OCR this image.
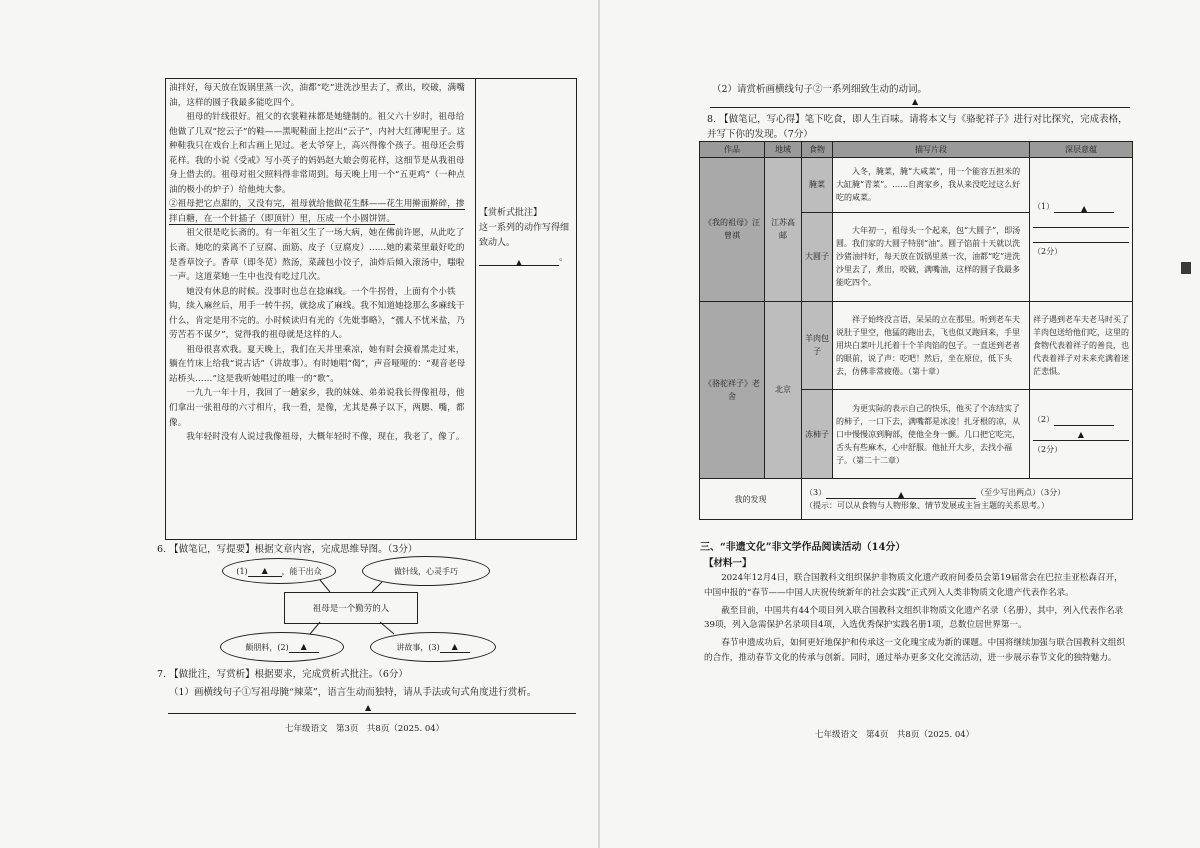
油拌好，每天放在饭锅里蒸一次，油都“吃”进洗沙里去了，煮出，咬破，满嘴油，这样的圆子我最多能吃四个。

祖母的针线很好。祖父的衣裳鞋袜都是她缝制的。祖父六十岁时，祖母给他做了几双“挖云子”的鞋——黑呢鞋面上挖出“云子”，内衬大红薄呢里子。这种鞋我只在戏台上和古画上见过。老太爷穿上，高兴得像个孩子。祖母还会剪花样。我的小说《受戒》写小英子的妈妈赵大娘会剪花样，这细节是从我祖母身上借去的。祖母对祖父照料得非常周到。每天晚上用一个“五更鸡”（一种点油的极小的炉子）给他炖大参。

②祖母把它点甜的，又没有完，祖母就给他做花生酥——花生用擀面擀碎，掺拌白糖，在一个针插子（即顶针）里，压成一个小圆饼饼。

祖父很是吃长斋的。有一年祖父生了一场大病，她在佛前许愿，从此吃了长斋。她吃的菜离不了豆腐、面筋、皮子（豆腐皮）……她的素菜里最好吃的是香草饺子。香草（即冬苋）熬汤，菜蔬包小饺子，油炸后倾入滚汤中，嗤啦一声。这道菜她一生中也没有吃过几次。

她没有休息的时候。没事时也总在捻麻线。一个牛拐骨，上面有个小铁钩，续入麻丝后，用手一转牛拐，就捻成了麻线。我不知道她捻那么多麻线干什么，肯定是用不完的。小时候读归有光的《先妣事略》，“孺人不忧米盐，乃劳苦若不谋夕”，觉得我的祖母就是这样的人。

祖母很喜欢我。夏天晚上，我们在天井里乘凉，她有时会摸着黑走过来，躺在竹床上给我“说古话”（讲故事）。有时她唱“偈”，声音哑哑的：“观音老母站桥头……”这是我听她唱过的唯一的“歌”。

一九九一年十月，我回了一趟家乡，我的妹妹、弟弟说我长得像祖母，他们拿出一张祖母的六寸相片，我一看，是像，尤其是鼻子以下，两腮、嘴，都像。

我年轻时没有人说过我像祖母，大概年轻时不像，现在，我老了，像了。

【赏析式批注】
这一系列的动作写得细致动人。
▲	。
6. 【做笔记，写提要】根据文章内容，完成思维导图。（3分）
(1)	▲	，能干出众	做针线，心灵手巧
祖母是一个勤劳的人
颇朋料，(2)	▲	讲故事，(3)	▲
7. 【做批注，写赏析】根据要求，完成赏析式批注。（6分）
（1）画横线句子①写祖母腌“辣菜”，语言生动而独特，请从手法或句式角度进行赏析。
▲
七年级语文　第3页　共8页（2025. 04）
（2）请赏析画横线句子②一系列细致生动的动词。
▲
8. 【做笔记，写心得】笔下吃食，即人生百味。请将本文与《骆驼祥子》进行对比探究，完成表格，并写下你的发现。（7分）
作品	地域	食物	描写片段	深层意蕴
《我的祖母》汪曾祺	江苏高邮	腌菜	入冬，腌菜，腌“大咸菜”，用一个能容五担米的大缸腌“青菜”。……自离家乡，我从来没吃过这么好吃的咸菜。	（1） ▲
（2分）

		大圆子	大年初一，祖母头一个起来，包“大圆子”，即汤圆。我们家的大圆子特别“油”。圆子馅前十天就以洗沙猪油拌好，每天放在饭锅里蒸一次，油都“吃”进洗沙里去了，煮出，咬破，满嘴油，这样的圆子我最多能吃四个。	
《骆驼祥子》老舍	北京	羊肉包子	祥子始终没言语，呆呆的立在那里。听到老车夫说肚子里空，他猛的跑出去，飞也似又跑回来，手里用块白菜叶儿托着十个羊肉馅的包子。一直送到老者的眼前，说了声：吃吧！然后，坐在原位，低下头去，仿佛非常疲倦。（第十章）	祥子遇到老车夫老马时买了羊肉包送给他们吃，这里的食物代表着祥子的善良，也代表着祥子对未来充满着迷茫悲惧。
		冻柿子	为更实际的表示自己的快乐，他买了个冻结实了的柿子，一口下去，满嘴都是冰凌！扎牙根的凉，从口中慢慢凉到胸部，使他全身一颤。几口把它吃完，舌头有些麻木，心中舒服。他扯开大步，去找小福子。（第二十二章）	（2）
▲
（2分）

我的发现		（3） ▲ （至少写出两点）（3分）
（提示：可以从食物与人物形象、情节发展或主旨主题的关系思考。）		
三、“非遗文化”非文学作品阅读活动（14分）
【材料一】

2024年12月4日，联合国教科文组织保护非物质文化遗产政府间委员会第19届常会在巴拉圭亚松森召开，中国申报的“春节——中国人庆祝传统新年的社会实践”正式列入人类非物质文化遗产代表作名录。

截至目前，中国共有44个项目列入联合国教科文组织非物质文化遗产名录（名册），其中，列入代表作名录39项，列入急需保护名录项目4项，入选优秀保护实践名册1项，总数位居世界第一。

春节申遗成功后，如何更好地保护和传承这一文化瑰宝成为新的课题。中国将继续加强与联合国教科文组织的合作，推动春节文化的传承与创新。同时，通过举办更多文化交流活动，进一步展示春节文化的独特魅力。

七年级语文　第4页　共8页（2025. 04）
